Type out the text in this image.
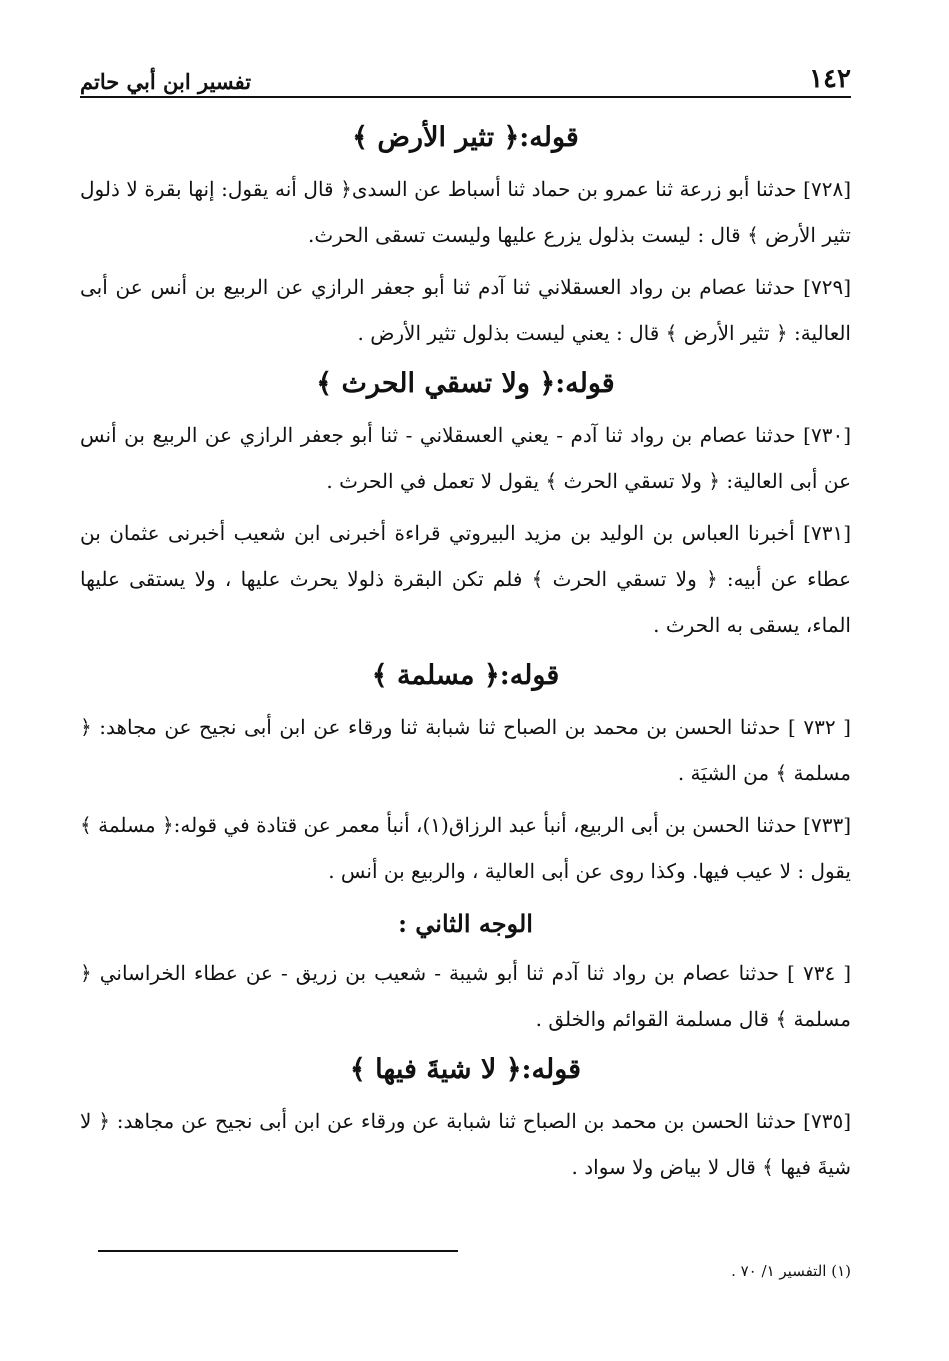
١٤٢
تفسير ابن أبي حاتم
قوله:﴿ تثير الأرض ﴾

[٧٢٨] حدثنا أبو زرعة ثنا عمرو بن حماد ثنا أسباط عن السدى﴿ قال أنه يقول: إنها بقرة لا ذلول تثير الأرض ﴾ قال : ليست بذلول يزرع عليها وليست تسقى الحرث.

[٧٢٩] حدثنا عصام بن رواد العسقلاني ثنا آدم ثنا أبو جعفر الرازي عن الربيع بن أنس عن أبى العالية: ﴿ تثير الأرض ﴾ قال : يعني ليست بذلول تثير الأرض .

قوله:﴿ ولا تسقي الحرث ﴾

[٧٣٠] حدثنا عصام بن رواد ثنا آدم - يعني العسقلاني - ثنا أبو جعفر الرازي عن الربيع بن أنس عن أبى العالية: ﴿ ولا تسقي الحرث ﴾ يقول لا تعمل في الحرث .

[٧٣١] أخبرنا العباس بن الوليد بن مزيد البيروتي قراءة أخبرنى ابن شعيب أخبرنى عثمان بن عطاء عن أبيه: ﴿ ولا تسقي الحرث ﴾ فلم تكن البقرة ذلولا يحرث عليها ، ولا يستقى عليها الماء، يسقى به الحرث .

قوله:﴿ مسلمة ﴾

[ ٧٣٢ ] حدثنا الحسن بن محمد بن الصباح ثنا شبابة ثنا ورقاء عن ابن أبى نجيح عن مجاهد: ﴿ مسلمة ﴾ من الشيَة .

[٧٣٣] حدثنا الحسن بن أبى الربيع، أنبأ عبد الرزاق(١)، أنبأ معمر عن قتادة في قوله:﴿ مسلمة ﴾ يقول : لا عيب فيها. وكذا روى عن أبى العالية ، والربيع بن أنس .

الوجه الثاني :

[ ٧٣٤ ] حدثنا عصام بن رواد ثنا آدم ثنا أبو شيبة - شعيب بن زريق - عن عطاء الخراساني ﴿ مسلمة ﴾ قال مسلمة القوائم والخلق .

قوله:﴿ لا شيةَ فيها ﴾

[٧٣٥] حدثنا الحسن بن محمد بن الصباح ثنا شبابة عن ورقاء عن ابن أبى نجيح عن مجاهد: ﴿ لا شيةَ فيها ﴾ قال لا بياض ولا سواد .

(١) التفسير ١/ ٧٠ .
